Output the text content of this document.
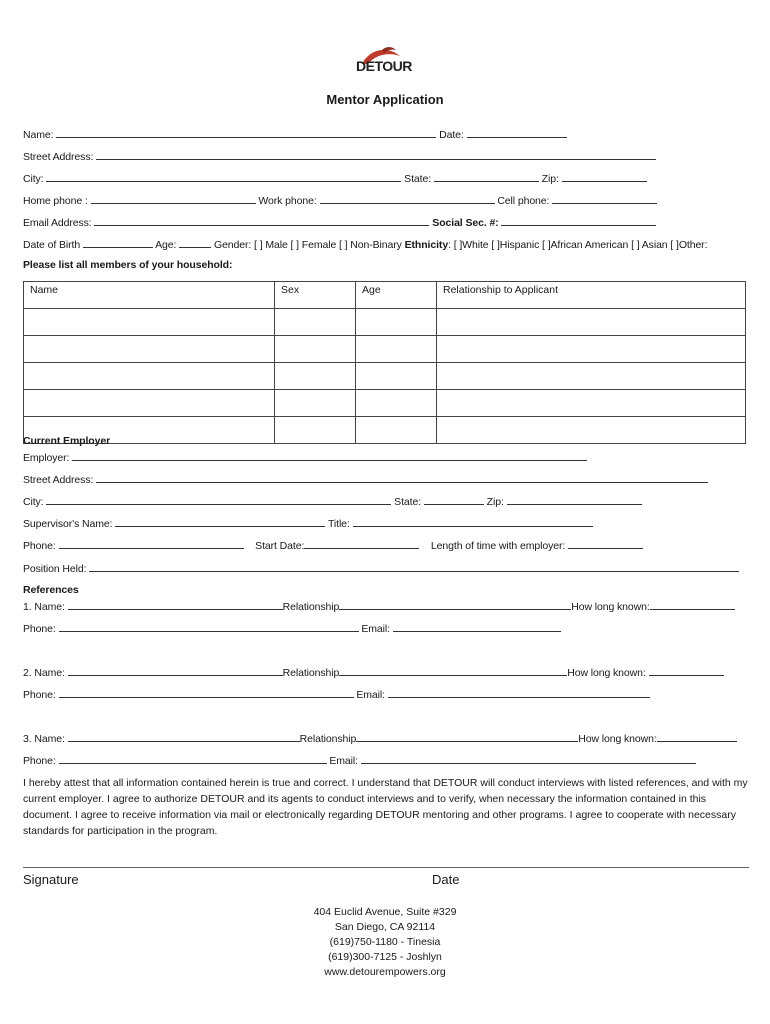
DETOUR
Mentor Application
Name:	Date:
Street Address:
City:	State:	Zip:
Home phone :	Work phone:	Cell phone:
Email Address:	Social Sec. #:
Date of Birth	Age:	Gender: [ ] Male [ ] Female [ ] Non-Binary Ethnicity: [ ]White [ ]Hispanic [ ]African American [ ] Asian [ ]Other:
Please list all members of your household:
Name	Sex	Age	Relationship to Applicant

Current Employer
Employer:
Street Address:
City:	State:	Zip:
Supervisor's Name:	Title:
Phone:	Start Date:	Length of time with employer:
Position Held:
References
1. Name:	Relationship	How long known:
Phone:	Email:
2. Name:	Relationship	How long known:
Phone:	Email:
3. Name:	Relationship	How long known:
Phone:	Email:
I hereby attest that all information contained herein is true and correct. I understand that DETOUR will conduct interviews with listed references, and with my current employer. I agree to authorize DETOUR and its agents to conduct interviews and to verify, when necessary the information contained in this document. I agree to receive information via mail or electronically regarding DETOUR mentoring and other programs. I agree to cooperate with necessary standards for participation in the program.
Signature	Date
404 Euclid Avenue, Suite #329
San Diego, CA 92114
(619)750-1180 - Tinesia
(619)300-7125 - Joshlyn
www.detourempowers.org
